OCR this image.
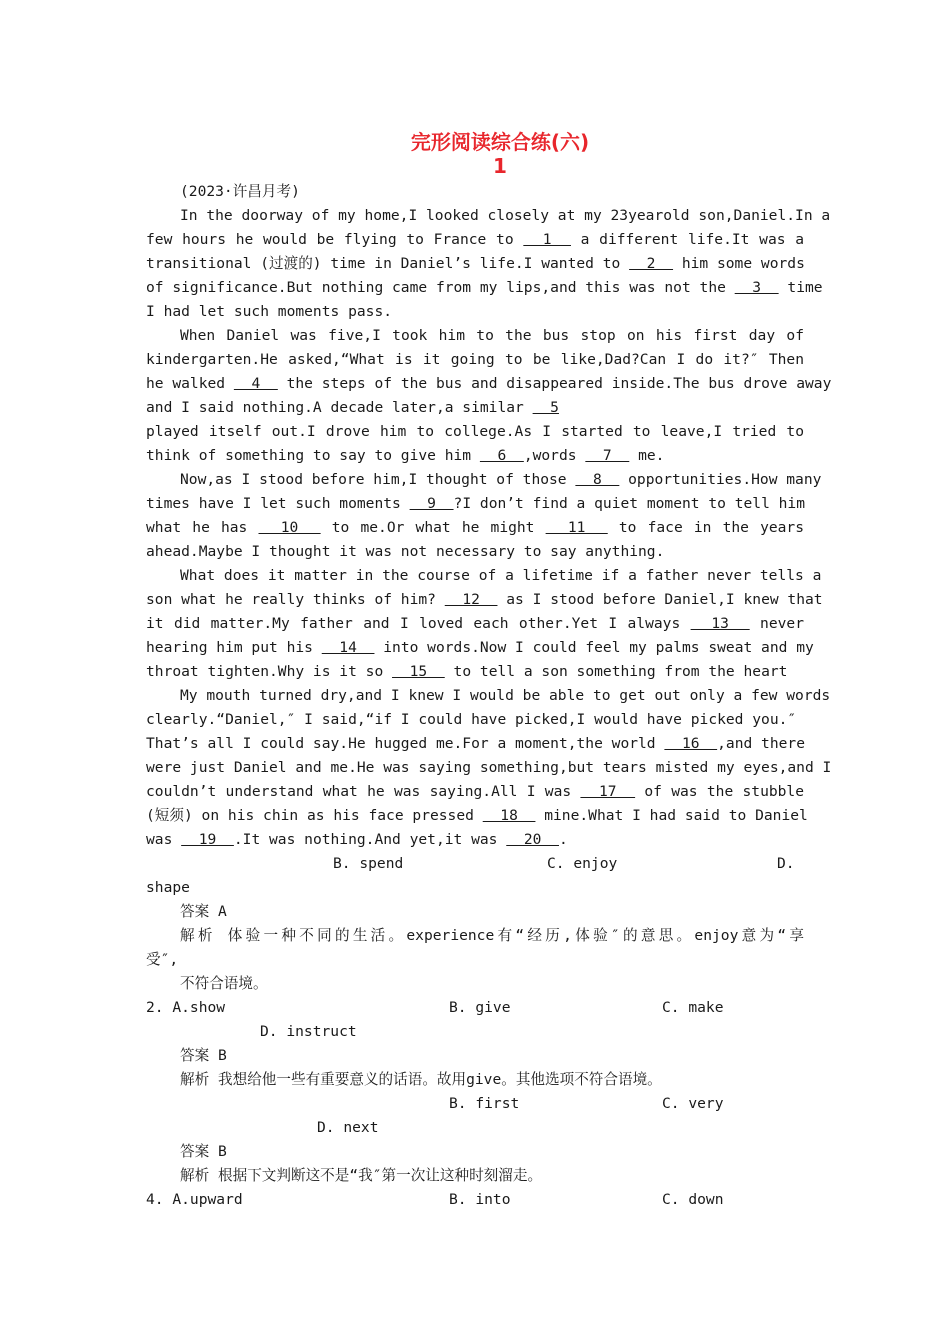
完形阅读综合练(六)
1
(2023·许昌月考)
In the doorway of my home,I looked closely at my 23yearold son,Daniel.In a
few hours he would be flying to France to   1   a different life.It was a
transitional (过渡的) time in Daniel’s life.I wanted to   2   him some words
of significance.But nothing came from my lips,and this was not the   3   time
I had let such moments pass.
When Daniel was five,I took him to the bus stop on his first day of
kindergarten.He asked,“What is it going to be like,Dad?Can I do it?″ Then
he walked   4   the steps of the bus and disappeared inside.The bus drove away
and I said nothing.A decade later,a similar   5
played itself out.I drove him to college.As I started to leave,I tried to
think of something to say to give him   6  ,words   7   me.
Now,as I stood before him,I thought of those   8   opportunities.How many
times have I let such moments   9  ?I don’t find a quiet moment to tell him
what he has   10   to me.Or what he might   11   to face in the years
ahead.Maybe I thought it was not necessary to say anything.
What does it matter in the course of a lifetime if a father never tells a
son what he really thinks of him?   12   as I stood before Daniel,I knew that
it did matter.My father and I loved each other.Yet I always   13   never
hearing him put his   14   into words.Now I could feel my palms sweat and my
throat tighten.Why is it so   15   to tell a son something from the heart
My mouth turned dry,and I knew I would be able to get out only a few words
clearly.“Daniel,″ I said,“if I could have picked,I would have picked you.″
That’s all I could say.He hugged me.For a moment,the world   16  ,and there
were just Daniel and me.He was saying something,but tears misted my eyes,and I
couldn’t understand what he was saying.All I was   17   of was the stubble
(短须) on his chin as his face pressed   18   mine.What I had said to Daniel
was   19  .It was nothing.And yet,it was   20  .
B. spend	C. enjoy	D.
shape
答案 A
解析 体验一种不同的生活。experience有“经历,体验″的意思。enjoy意为“享
受″,
不符合语境。
2. A.show	B. give	C. make
D. instruct
答案 B
解析 我想给他一些有重要意义的话语。故用give。其他选项不符合语境。
B. first	C. very
D. next
答案 B
解析 根据下文判断这不是“我″第一次让这种时刻溜走。
4. A.upward	B. into	C. down
